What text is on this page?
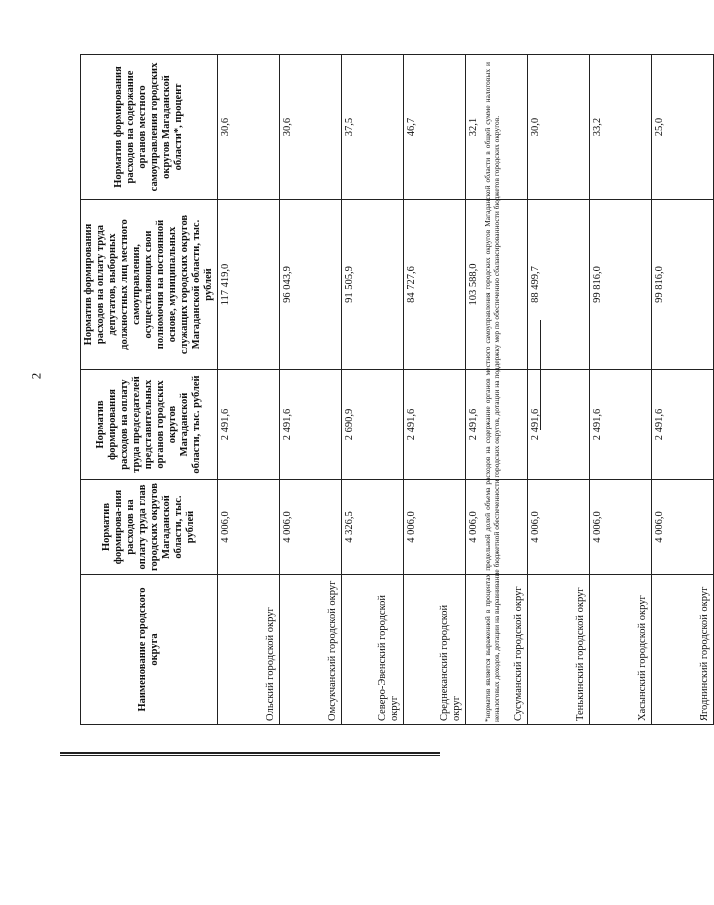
2
Наименование городского округа	Норматив формирова-ния расходов на оплату труда глав городских округов Магаданской области, тыс. рублей	Норматив формирования расходов на оплату труда председателей представительных органов городских округов Магаданской области, тыс. рублей	Норматив формирования расходов на оплату труда депутатов, выборных должностных лиц местного самоуправления, осуществляющих свои полномочия на постоянной основе, муниципальных служащих городских округов Магаданской области, тыс. рублей	Норматив формирования расходов на содержание органов местного самоуправления городских округов Магаданской области*, процент
Ольский городской округ	4 006,0	2 491,6	117 419,0	30,6
Омсукчанский городской округ	4 006,0	2 491,6	96 043,9	30,6
Северо-Эвенский городской округ	4 326,5	2 690,9	91 505,9	37,5
Среднеканский городской округ	4 006,0	2 491,6	84 727,6	46,7
Сусуманский городской округ	4 006,0	2 491,6	103 588,0	32,1
Тенькинский городской округ	4 006,0	2 491,6	88 499,7	30,0
Хасынский городской округ	4 006,0	2 491,6	99 816,0	33,2
Ягоднинский городской округ	4 006,0	2 491,6	99 816,0	25,0
*норматив является выраженной в процентах предельной долей объема расходов на содержание органов местного самоуправления городских округов Магаданской области в общей сумме налоговых и неналоговых доходов, дотации на выравнивание бюджетной обеспеченности городских округов, дотации на поддержку мер по обеспечению сбалансированности бюджетов городских округов.
